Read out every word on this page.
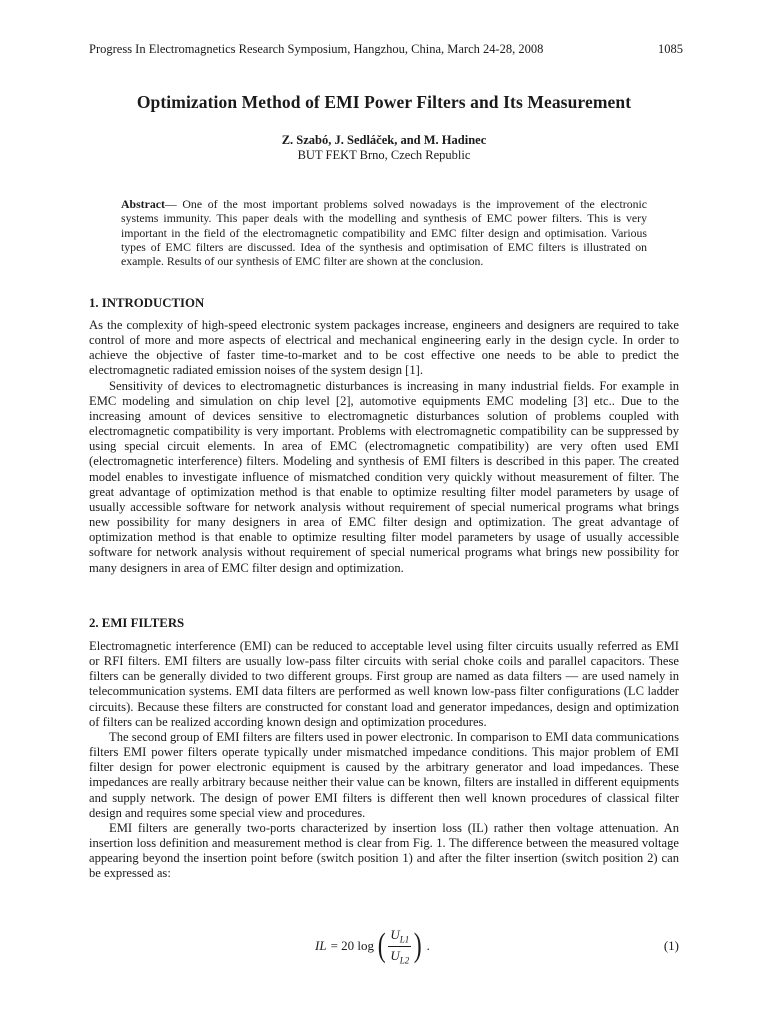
Progress In Electromagnetics Research Symposium, Hangzhou, China, March 24-28, 2008	1085
Optimization Method of EMI Power Filters and Its Measurement
Z. Szabó, J. Sedláček, and M. Hadinec
BUT FEKT Brno, Czech Republic
Abstract— One of the most important problems solved nowadays is the improvement of the electronic systems immunity. This paper deals with the modelling and synthesis of EMC power filters. This is very important in the field of the electromagnetic compatibility and EMC filter design and optimisation. Various types of EMC filters are discussed. Idea of the synthesis and optimisation of EMC filters is illustrated on example. Results of our synthesis of EMC filter are shown at the conclusion.
1. INTRODUCTION

As the complexity of high-speed electronic system packages increase, engineers and designers are required to take control of more and more aspects of electrical and mechanical engineering early in the design cycle. In order to achieve the objective of faster time-to-market and to be cost effective one needs to be able to predict the electromagnetic radiated emission noises of the system design [1].

Sensitivity of devices to electromagnetic disturbances is increasing in many industrial fields. For example in EMC modeling and simulation on chip level [2], automotive equipments EMC modeling [3] etc.. Due to the increasing amount of devices sensitive to electromagnetic disturbances solution of problems coupled with electromagnetic compatibility is very important. Problems with electromagnetic compatibility can be suppressed by using special circuit elements. In area of EMC (electromagnetic compatibility) are very often used EMI (electromagnetic interference) filters. Modeling and synthesis of EMI filters is described in this paper. The created model enables to investigate influence of mismatched condition very quickly without measurement of filter. The great advantage of optimization method is that enable to optimize resulting filter model parameters by usage of usually accessible software for network analysis without requirement of special numerical programs what brings new possibility for many designers in area of EMC filter design and optimization. The great advantage of optimization method is that enable to optimize resulting filter model parameters by usage of usually accessible software for network analysis without requirement of special numerical programs what brings new possibility for many designers in area of EMC filter design and optimization.

2. EMI FILTERS

Electromagnetic interference (EMI) can be reduced to acceptable level using filter circuits usually referred as EMI or RFI filters. EMI filters are usually low-pass filter circuits with serial choke coils and parallel capacitors. These filters can be generally divided to two different groups. First group are named as data filters — are used namely in telecommunication systems. EMI data filters are performed as well known low-pass filter configurations (LC ladder circuits). Because these filters are constructed for constant load and generator impedances, design and optimization of filters can be realized according known design and optimization procedures.

The second group of EMI filters are filters used in power electronic. In comparison to EMI data communications filters EMI power filters operate typically under mismatched impedance conditions. This major problem of EMI filter design for power electronic equipment is caused by the arbitrary generator and load impedances. These impedances are really arbitrary because neither their value can be known, filters are installed in different equipments and supply network. The design of power EMI filters is different then well known procedures of classical filter design and requires some special view and procedures.

EMI filters are generally two-ports characterized by insertion loss (IL) rather then voltage attenuation. An insertion loss definition and measurement method is clear from Fig. 1. The difference between the measured voltage appearing beyond the insertion point before (switch position 1) and after the filter insertion (switch position 2) can be expressed as:

IL = 20 log ( $\frac{U_{L1}}{U_{L2}}$ ) .	(1)
